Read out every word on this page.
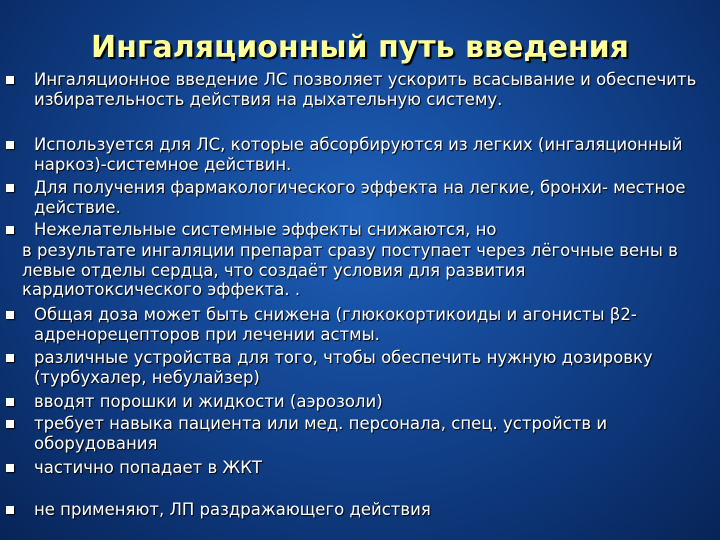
Ингаляционный путь введения
Ингаляционное введение ЛС позволяет ускорить всасывание и обеспечить избирательность действия на дыхательную систему.
Используется для ЛС, которые абсорбируются из легких (ингаляционный наркоз)-системное действин.
Для получения фармакологического эффекта на легкие, бронхи- местное действие.
Нежелательные системные эффекты снижаются, но
в результате ингаляции препарат сразу поступает через лёгочные вены в левые отделы сердца, что создаёт условия для развития кардиотоксического эффекта. .
Общая доза может быть снижена (глюкокортикоиды и агонисты β2-адренорецепторов при лечении астмы.
различные устройства для того, чтобы обеспечить нужную дозировку (турбухалер, небулайзер)
вводят порошки и жидкости (аэрозоли)
требует навыка пациента или мед. персонала, спец. устройств и оборудования
частично попадает в ЖКТ
не применяют, ЛП раздражающего действия
